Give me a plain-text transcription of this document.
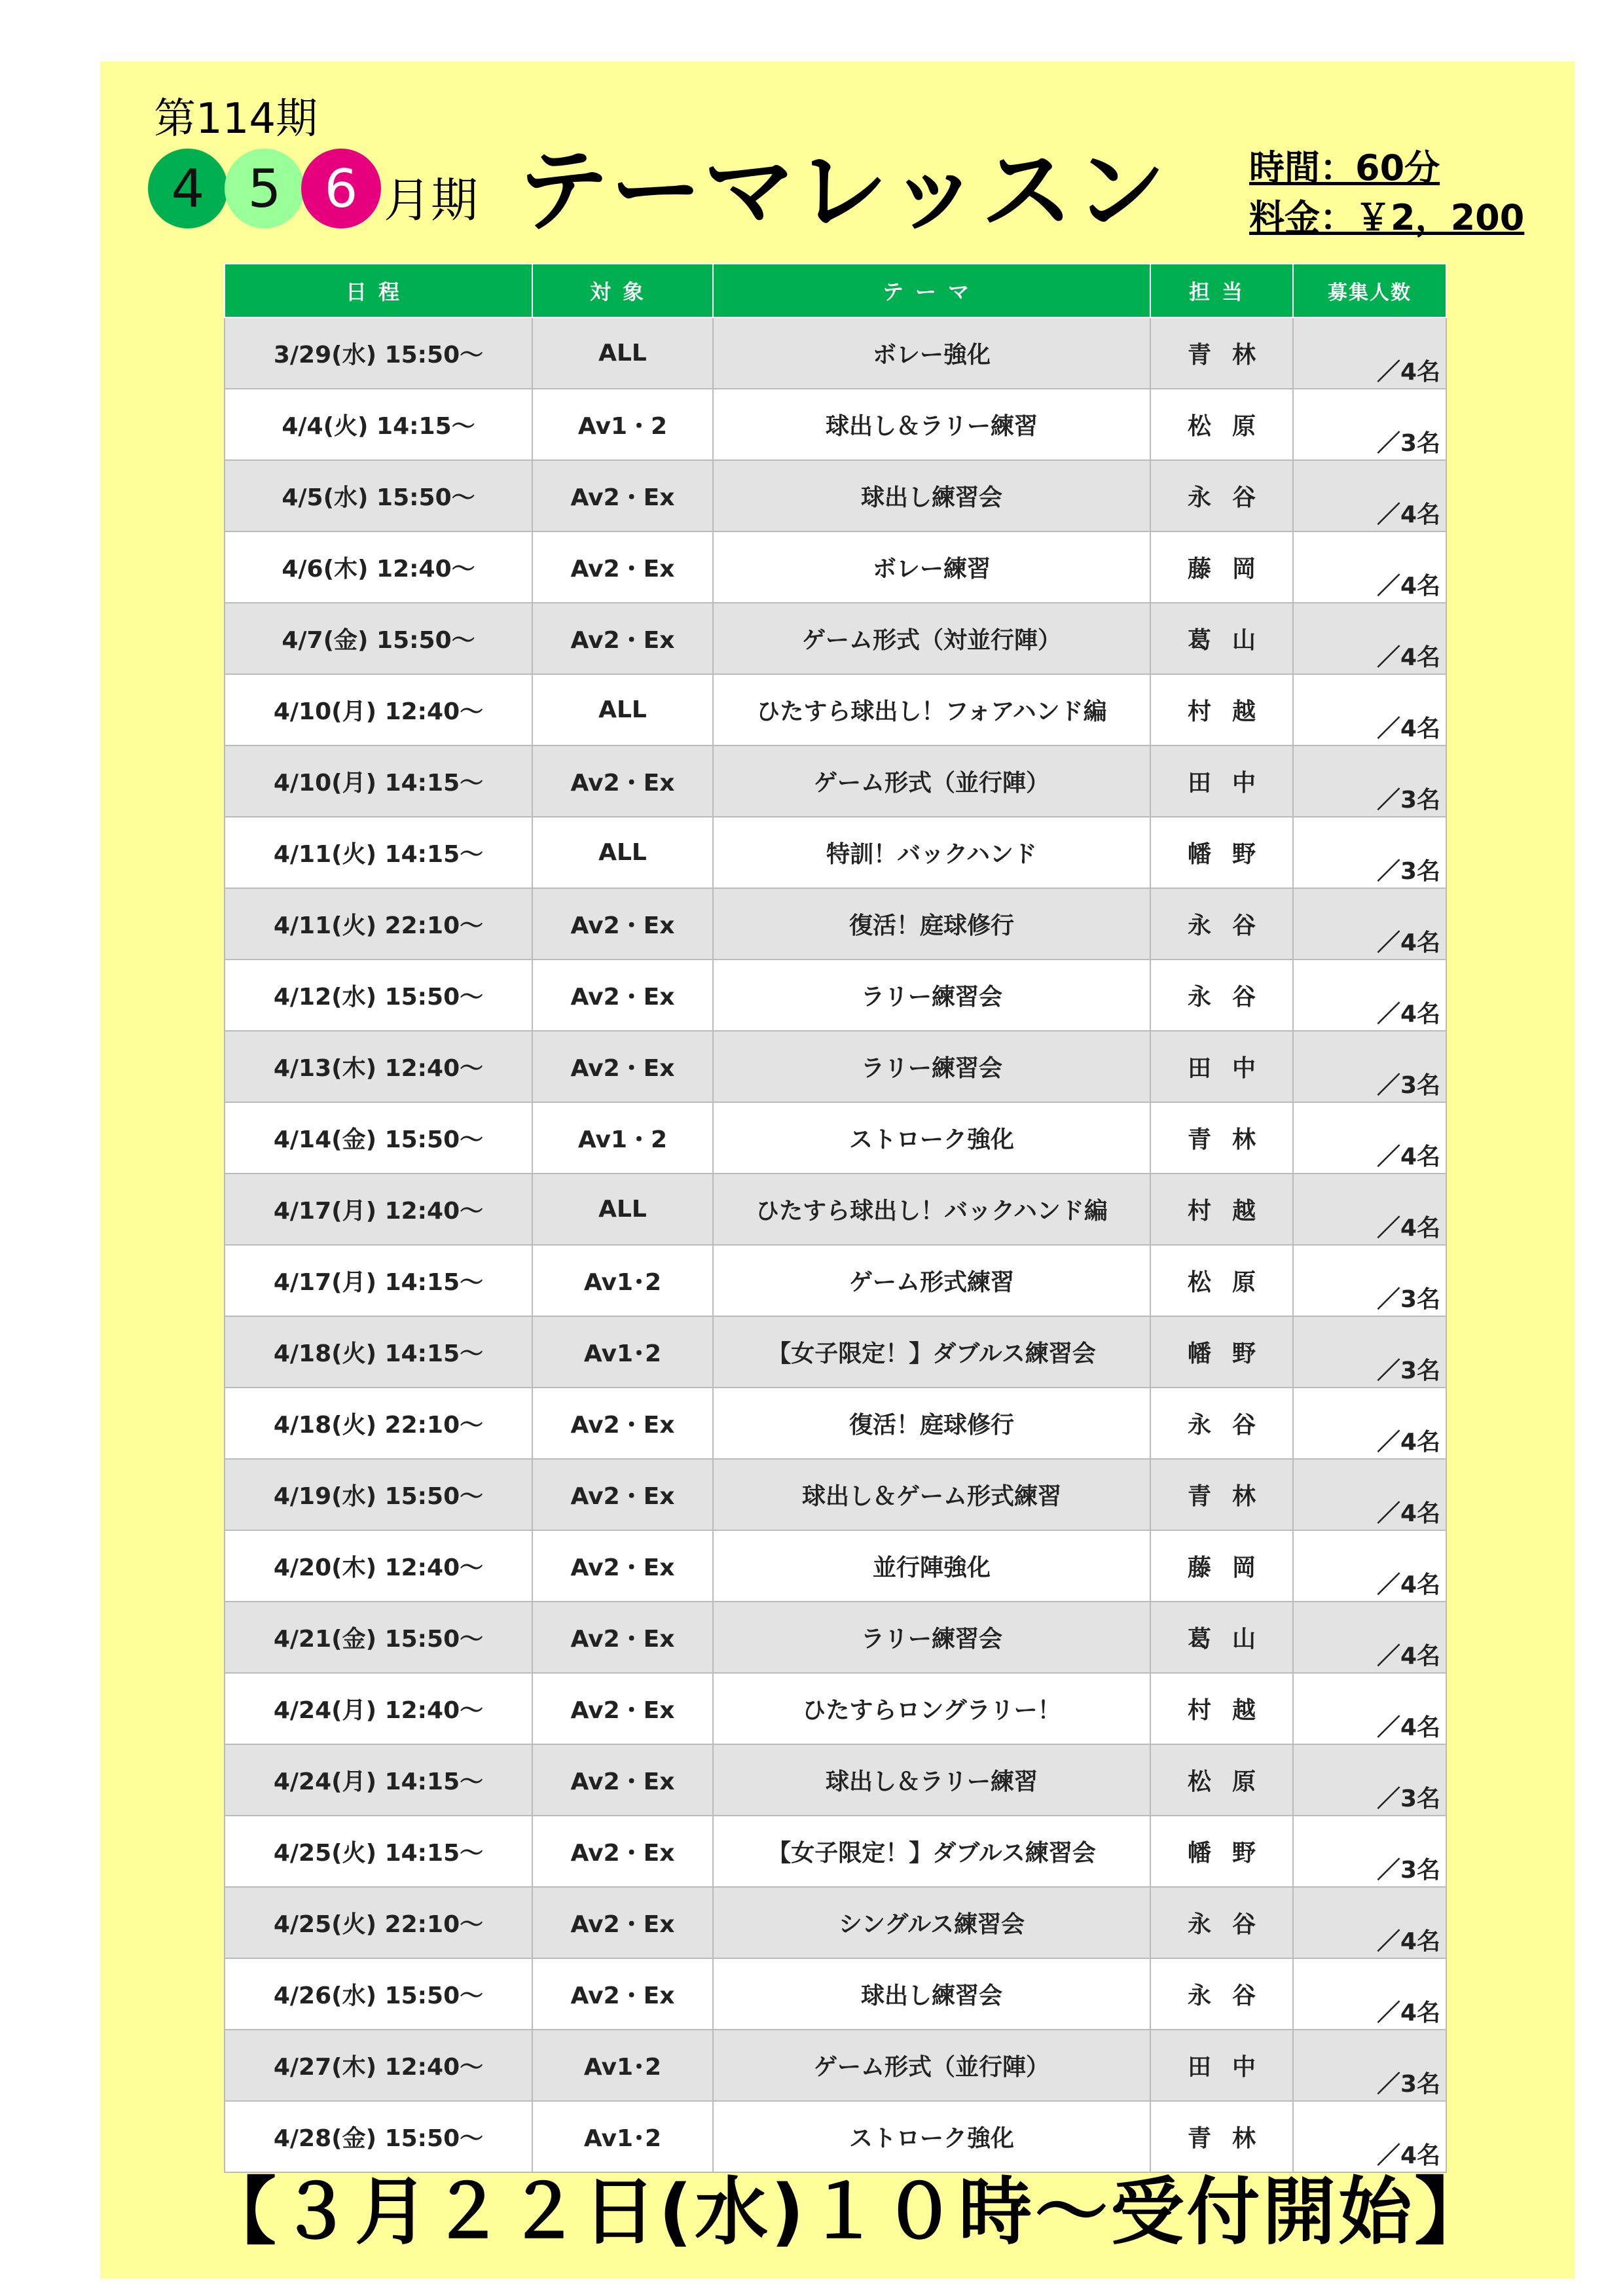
第114期
4 5 6 月期 テーマレッスン 時間：60分
料金：￥2，200
日程	対象	テーマ	担当	募集人数
3/29(水) 15:50～	ALL	ボレー強化	青林	／4名
4/4(火) 14:15～	Av1・2	球出し＆ラリー練習	松原	／3名
4/5(水) 15:50～	Av2・Ex	球出し練習会	永谷	／4名
4/6(木) 12:40～	Av2・Ex	ボレー練習	藤岡	／4名
4/7(金) 15:50～	Av2・Ex	ゲーム形式（対並行陣）	葛山	／4名
4/10(月) 12:40～	ALL	ひたすら球出し！フォアハンド編	村越	／4名
4/10(月) 14:15～	Av2・Ex	ゲーム形式（並行陣）	田中	／3名
4/11(火) 14:15～	ALL	特訓！バックハンド	幡野	／3名
4/11(火) 22:10～	Av2・Ex	復活！庭球修行	永谷	／4名
4/12(水) 15:50～	Av2・Ex	ラリー練習会	永谷	／4名
4/13(木) 12:40～	Av2・Ex	ラリー練習会	田中	／3名
4/14(金) 15:50～	Av1・2	ストローク強化	青林	／4名
4/17(月) 12:40～	ALL	ひたすら球出し！バックハンド編	村越	／4名
4/17(月) 14:15～	Av1･2	ゲーム形式練習	松原	／3名
4/18(火) 14:15～	Av1･2	【女子限定！】ダブルス練習会	幡野	／3名
4/18(火) 22:10～	Av2・Ex	復活！庭球修行	永谷	／4名
4/19(水) 15:50～	Av2・Ex	球出し＆ゲーム形式練習	青林	／4名
4/20(木) 12:40～	Av2・Ex	並行陣強化	藤岡	／4名
4/21(金) 15:50～	Av2・Ex	ラリー練習会	葛山	／4名
4/24(月) 12:40～	Av2・Ex	ひたすらロングラリー！	村越	／4名
4/24(月) 14:15～	Av2・Ex	球出し＆ラリー練習	松原	／3名
4/25(火) 14:15～	Av2・Ex	【女子限定！】ダブルス練習会	幡野	／3名
4/25(火) 22:10～	Av2・Ex	シングルス練習会	永谷	／4名
4/26(水) 15:50～	Av2・Ex	球出し練習会	永谷	／4名
4/27(木) 12:40～	Av1･2	ゲーム形式（並行陣）	田中	／3名
4/28(金) 15:50～	Av1･2	ストローク強化	青林	／4名
【３月２２日(水)１０時～受付開始】
